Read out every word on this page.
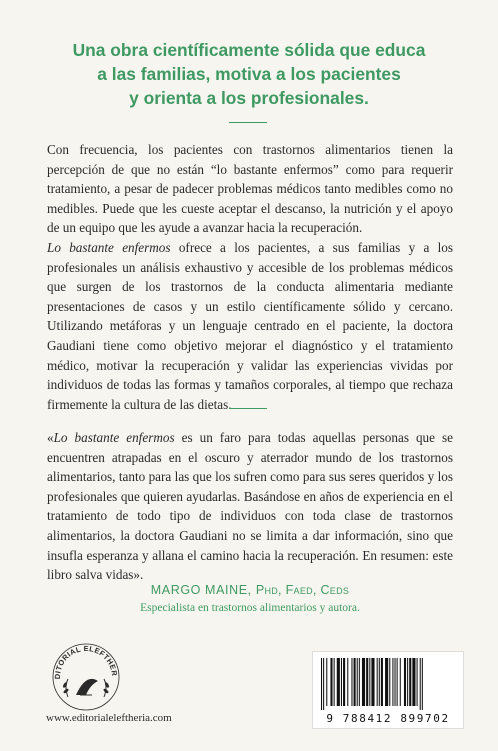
Una obra científicamente sólida que educa
a las familias, motiva a los pacientes
y orienta a los profesionales.

Con frecuencia, los pacientes con trastornos alimentarios tienen la percepción de que no están “lo bastante enfermos” como para requerir tratamiento, a pesar de padecer problemas médicos tanto medibles como no medibles. Puede que les cueste aceptar el descanso, la nutrición y el apoyo de un equipo que les ayude a avanzar hacia la recuperación.

Lo bastante enfermos ofrece a los pacientes, a sus familias y a los profesionales un análisis exhaustivo y accesible de los problemas médicos que surgen de los trastornos de la conducta alimentaria mediante presentaciones de casos y un estilo científicamente sólido y cercano. Utilizando metáforas y un lenguaje centrado en el paciente, la doctora Gaudiani tiene como objetivo mejorar el diagnóstico y el tratamiento médico, motivar la recuperación y validar las experiencias vividas por individuos de todas las formas y tamaños corporales, al tiempo que rechaza firmemente la cultura de las dietas.

«Lo bastante enfermos es un faro para todas aquellas personas que se encuentren atrapadas en el oscuro y aterrador mundo de los trastornos alimentarios, tanto para las que los sufren como para sus seres queridos y los profesionales que quieren ayudarlas. Basándose en años de experiencia en el tratamiento de todo tipo de individuos con toda clase de trastornos alimentarios, la doctora Gaudiani no se limita a dar información, sino que insufla esperanza y allana el camino hacia la recuperación. En resumen: este libro salva vidas».

MARGO MAINE, Phd, Faed, Ceds
Especialista en trastornos alimentarios y autora.
DITORIAL ELEFTHER
www.editorialeleftheria.com	9 788412 899702
